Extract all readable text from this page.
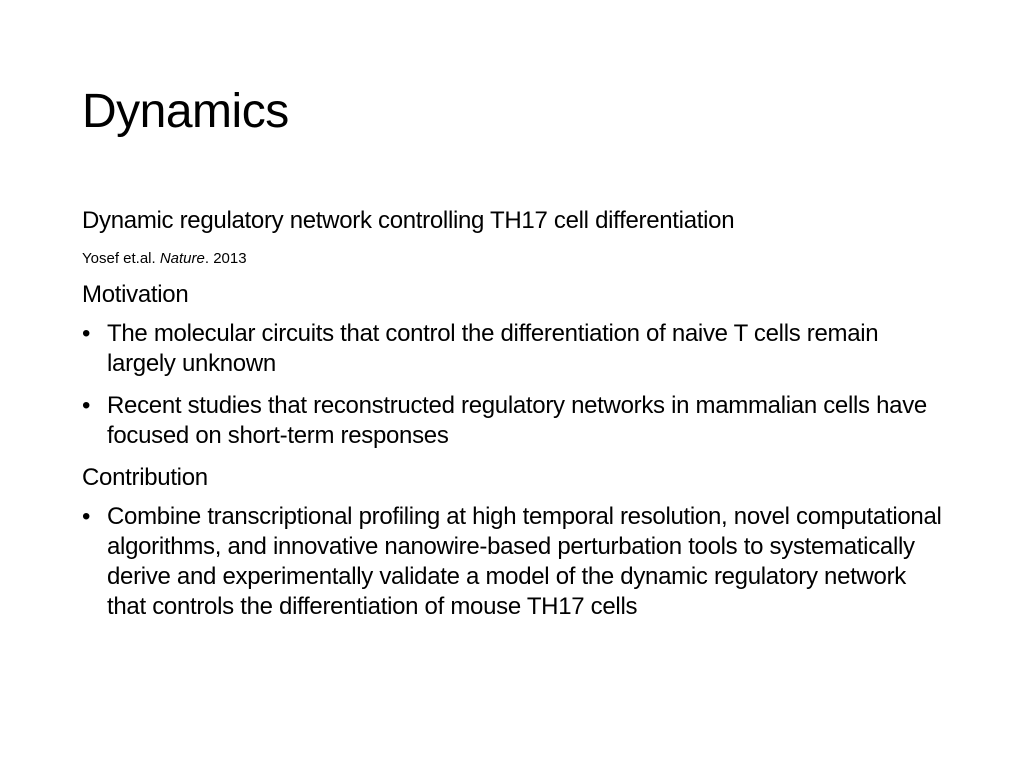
Dynamics

Dynamic regulatory network controlling TH17 cell differentiation

Yosef et.al. Nature. 2013

Motivation

• The molecular circuits that control the differentiation of naive T cells remain largely unknown
• Recent studies that reconstructed regulatory networks in mammalian cells have focused on short-term responses

Contribution

• Combine transcriptional profiling at high temporal resolution, novel computational algorithms, and innovative nanowire-based perturbation tools to systematically derive and experimentally validate a model of the dynamic regulatory network that controls the differentiation of mouse TH17 cells
